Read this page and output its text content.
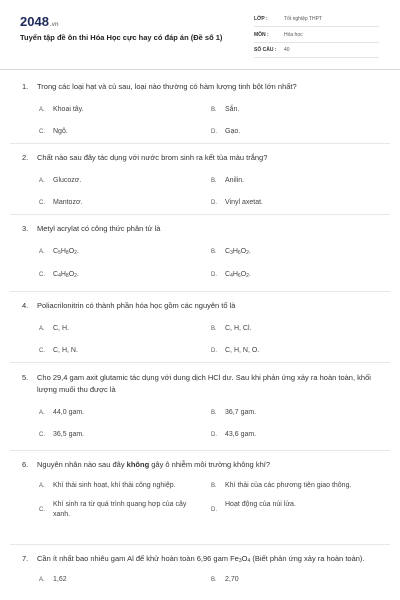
2048.vn
Tuyển tập đề ôn thi Hóa Học cực hay có đáp án (Đề số 1)
LỚP :	Tốt nghiệp THPT
MÔN :	Hóa học
SỐ CÂU : 40
1.	Trong các loại hạt và củ sau, loại nào thường có hàm lượng tinh bột lớn nhất?
A.	Khoai tây.	B.	Sắn.
C.	Ngô.	D.	Gạo.
2.	Chất nào sau đây tác dụng với nước brom sinh ra kết tủa màu trắng?
A.	Glucozơ.	B.	Anilin.
C.	Mantozơ.	D.	Vinyl axetat.
3.	Metyl acrylat có công thức phân tử là
A.	$C_5H_8O_2$.	B.	$C_3H_6O_2$.
C.	$C_4H_8O_2$.	D.	$C_4H_6O_2$.
4.	Poliacrilonitrin có thành phần hóa học gồm các nguyên tố là
A.	C, H.	B.	C, H, Cl.
C.	C, H, N.	D.	C, H, N, O.
5.	Cho 29,4 gam axit glutamic tác dụng với dung dịch HCl dư. Sau khi phản ứng xảy ra hoàn toàn, khối lượng muối thu được là
A.	44,0 gam.	B.	36,7 gam.
C.	36,5 gam.	D.	43,6 gam.
6.	Nguyên nhân nào sau đây không gây ô nhiễm môi trường không khí?
A.	Khí thải sinh hoạt, khí thải công nghiệp.	B.	Khí thải của các phương tiện giao thông.
C.
Khí sinh ra từ quá trình quang hợp của cây xanh.
D.
Hoạt động của núi lửa.
7.	Cần ít nhất bao nhiêu gam Al để khử hoàn toàn 6,96 gam $Fe_3O_4$ (Biết phản ứng xảy ra hoàn toàn).
A.	1,62	B.	2,70
